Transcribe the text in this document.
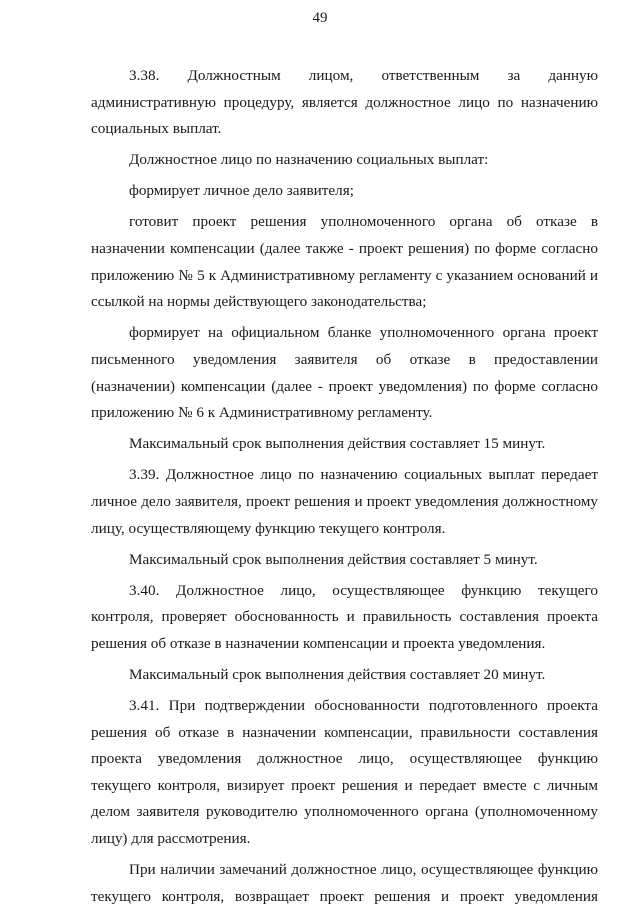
49

3.38. Должностным лицом, ответственным за данную административную процедуру, является должностное лицо по назначению социальных выплат.

Должностное лицо по назначению социальных выплат:

формирует личное дело заявителя;

готовит проект решения уполномоченного органа об отказе в назначении компенсации (далее также - проект решения) по форме согласно приложению № 5 к Административному регламенту с указанием оснований и ссылкой на нормы действующего законодательства;

формирует на официальном бланке уполномоченного органа проект письменного уведомления заявителя об отказе в предоставлении (назначении) компенсации (далее - проект уведомления) по форме согласно приложению № 6 к Административному регламенту.

Максимальный срок выполнения действия составляет 15 минут.

3.39. Должностное лицо по назначению социальных выплат передает личное дело заявителя, проект решения и проект уведомления должностному лицу, осуществляющему функцию текущего контроля.

Максимальный срок выполнения действия составляет 5 минут.

3.40. Должностное лицо, осуществляющее функцию текущего контроля, проверяет обоснованность и правильность составления проекта решения об отказе в назначении компенсации и проекта уведомления.

Максимальный срок выполнения действия составляет 20 минут.

3.41. При подтверждении обоснованности подготовленного проекта решения об отказе в назначении компенсации, правильности составления проекта уведомления должностное лицо, осуществляющее функцию текущего контроля, визирует проект решения и передает вместе с личным делом заявителя руководителю уполномоченного органа (уполномоченному лицу) для рассмотрения.

При наличии замечаний должностное лицо, осуществляющее функцию текущего контроля, возвращает проект решения и проект уведомления
